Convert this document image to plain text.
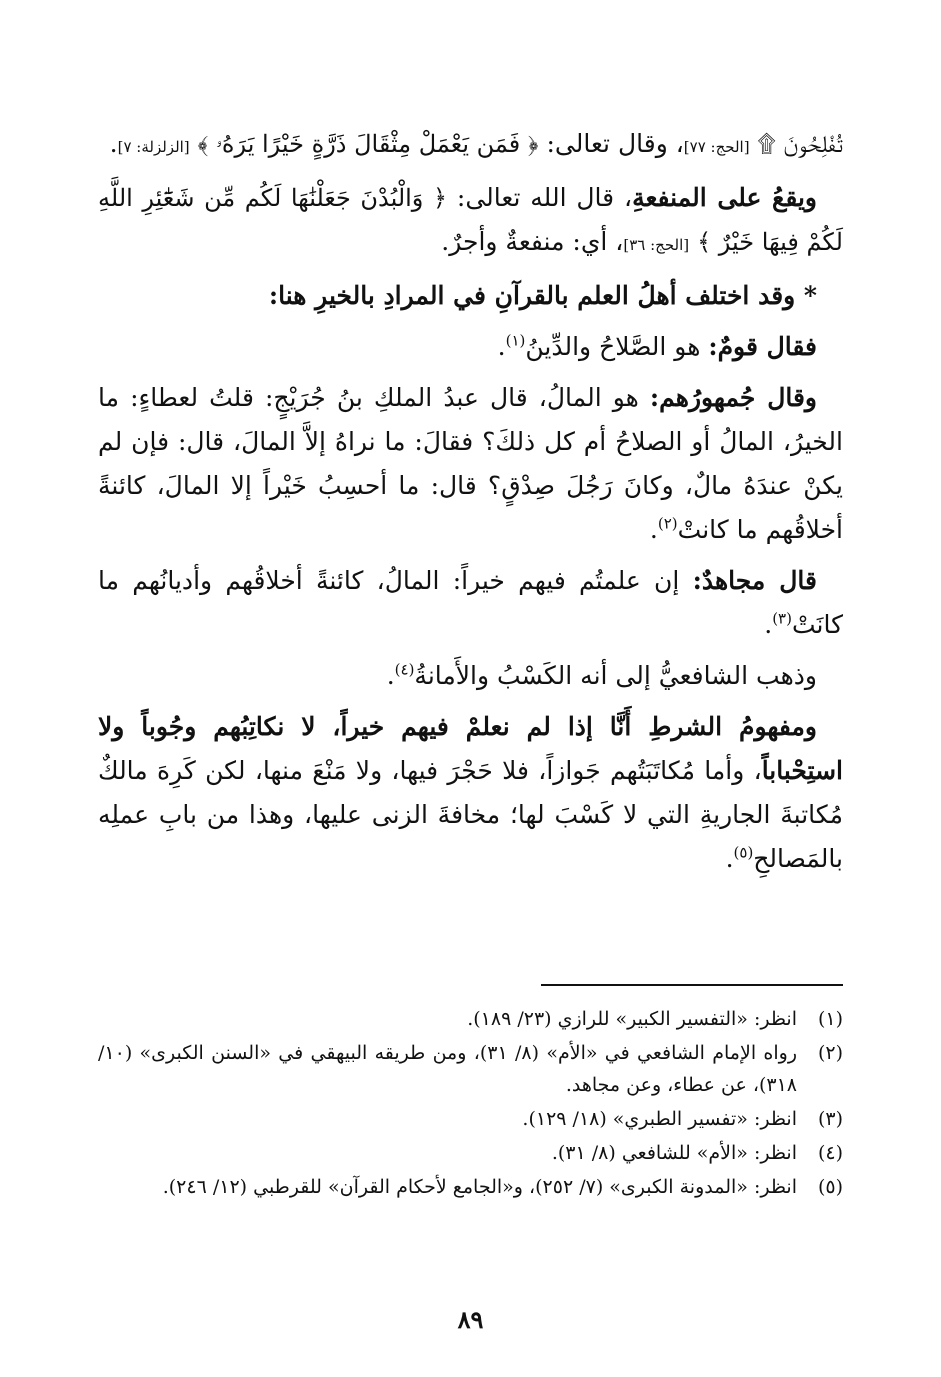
تُفْلِحُونَ ۩ [الحج: ٧٧]، وقال تعالى: ﴿ فَمَن يَعْمَلْ مِثْقَالَ ذَرَّةٍ خَيْرًا يَرَهُۥ ﴾ [الزلزلة: ٧].

ويقعُ على المنفعةِ، قال الله تعالى: ﴿ وَالْبُدْنَ جَعَلْنَٰهَا لَكُم مِّن شَعَٰٓئِرِ اللَّهِ لَكُمْ فِيهَا خَيْرٌ ﴾ [الحج: ٣٦]، أي: منفعةٌ وأجرٌ.

* وقد اختلف أهلُ العلم بالقرآنِ في المرادِ بالخيرِ هنا:

فقال قومٌ: هو الصَّلاحُ والدِّينُ$^{(١)}$.

وقال جُمهورُهم: هو المالُ، قال عبدُ الملكِ بنُ جُرَيْجٍ: قلتُ لعطاءٍ: ما الخيرُ، المالُ أو الصلاحُ أم كل ذلكَ؟ فقالَ: ما نراهُ إلاَّ المالَ، قال: فإن لم يكنْ عندَهُ مالٌ، وكانَ رَجُلَ صِدْقٍ؟ قال: ما أحسِبُ خَيْراً إلا المالَ، كائنةً أخلاقُهم ما كانتْ$^{(٢)}$.

قال مجاهدٌ: إن علمتُم فيهم خيراً: المالُ، كائنةً أخلاقُهم وأديانُهم ما كانَتْ$^{(٣)}$.

وذهب الشافعيُّ إلى أنه الكَسْبُ والأَمانةُ$^{(٤)}$.

ومفهومُ الشرطِ أَنَّا إذا لم نعلمْ فيهم خيراً، لا نكاتِبُهم وجُوباً ولا استِحْباباً، وأما مُكاتَبَتُهم جَوازاً، فلا حَجْرَ فيها، ولا مَنْعَ منها، لكن كَرِهَ مالكٌ مُكاتبةَ الجاريةِ التي لا كَسْبَ لها؛ مخافةَ الزنى عليها، وهذا من بابِ عملِه بالمَصالحِ$^{(٥)}$.

(١)
انظر: «التفسير الكبير» للرازي (٢٣/ ١٨٩).
(٢)
رواه الإمام الشافعي في «الأم» (٨/ ٣١)، ومن طريقه البيهقي في «السنن الكبرى» (١٠/ ٣١٨)، عن عطاء، وعن مجاهد.
(٣)
انظر: «تفسير الطبري» (١٨/ ١٢٩).
(٤)
انظر: «الأم» للشافعي (٨/ ٣١).
(٥)
انظر: «المدونة الكبرى» (٧/ ٢٥٢)، و«الجامع لأحكام القرآن» للقرطبي (١٢/ ٢٤٦).
٨٩
